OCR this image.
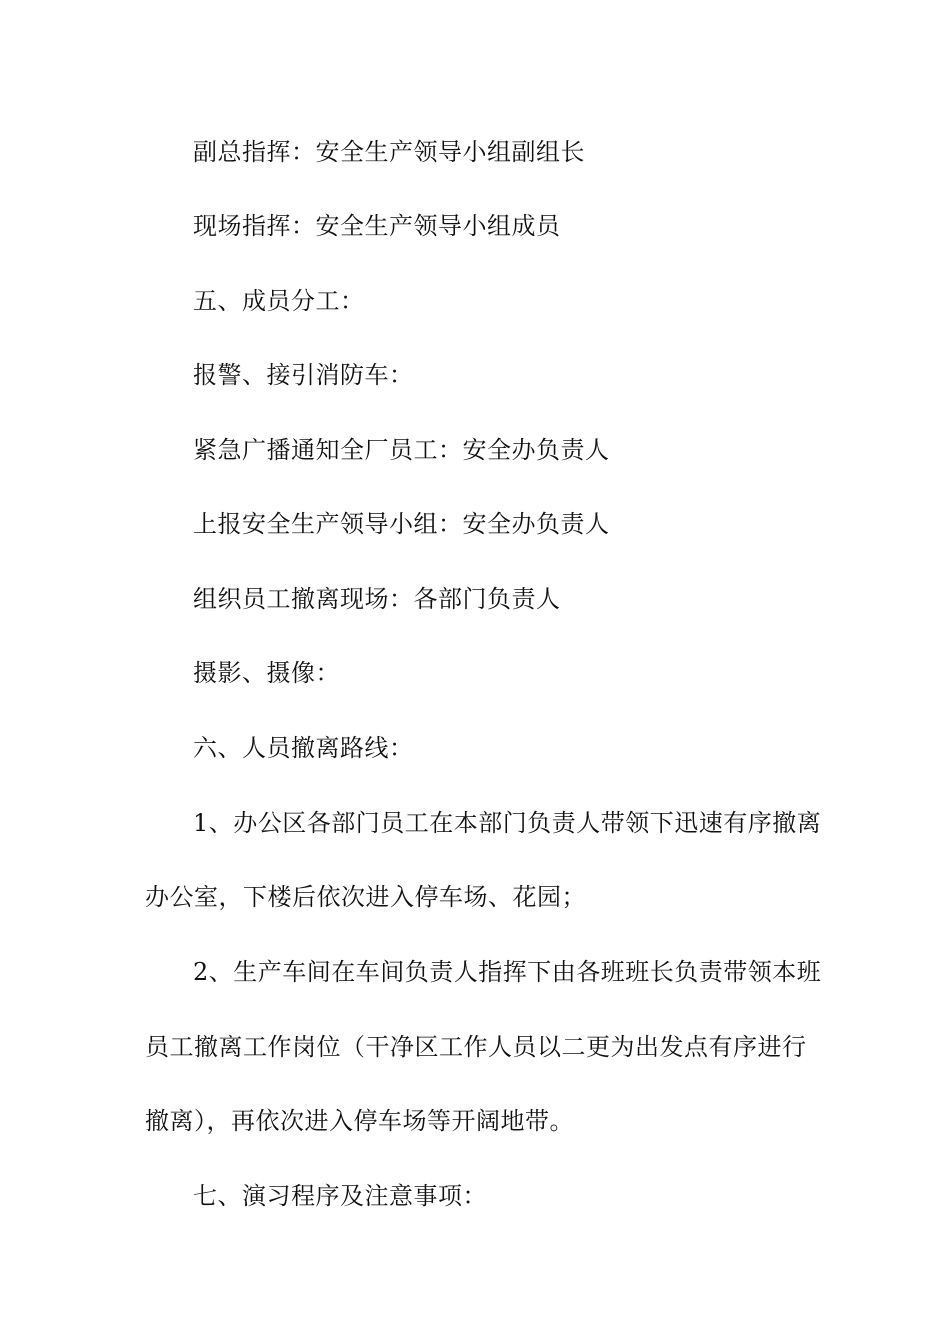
副总指挥：安全生产领导小组副组长
现场指挥：安全生产领导小组成员
五、成员分工：
报警、接引消防车：
紧急广播通知全厂员工：安全办负责人
上报安全生产领导小组：安全办负责人
组织员工撤离现场：各部门负责人
摄影、摄像：
六、人员撤离路线：
1、办公区各部门员工在本部门负责人带领下迅速有序撤离
办公室，下楼后依次进入停车场、花园；
2、生产车间在车间负责人指挥下由各班班长负责带领本班
员工撤离工作岗位（干净区工作人员以二更为出发点有序进行
撤离），再依次进入停车场等开阔地带。
七、演习程序及注意事项：
